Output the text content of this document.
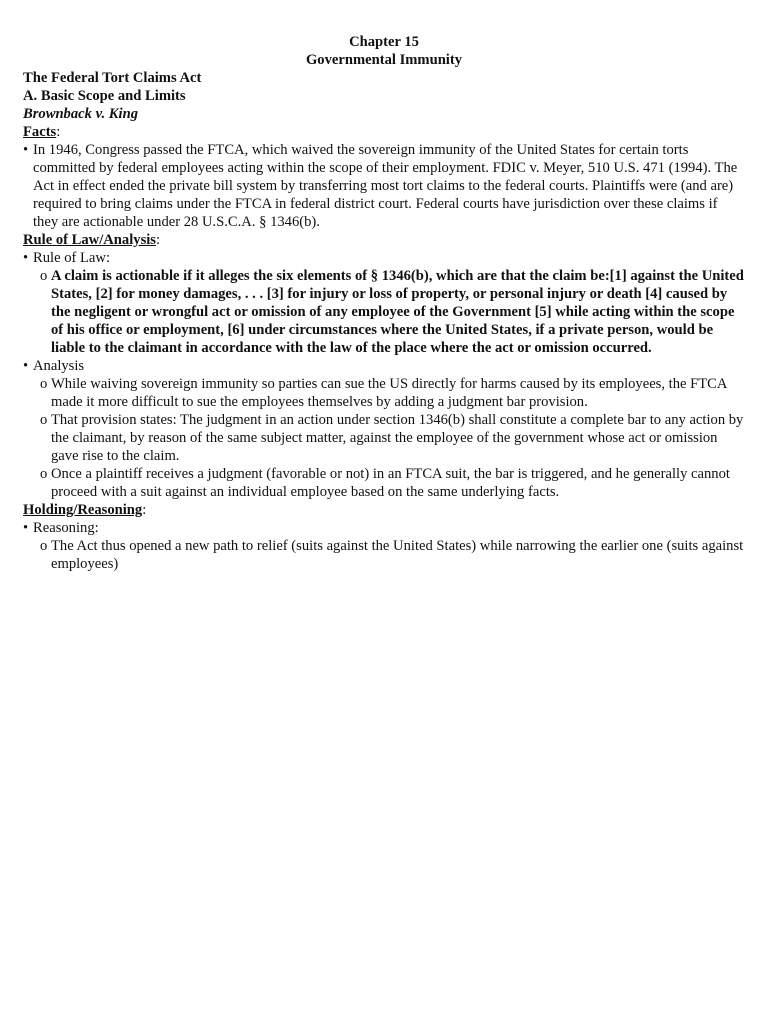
Chapter 15
Governmental Immunity
The Federal Tort Claims Act
A. Basic Scope and Limits
Brownback v. King
Facts:
• In 1946, Congress passed the FTCA, which waived the sovereign immunity of the United States for certain torts committed by federal employees acting within the scope of their employment. FDIC v. Meyer, 510 U.S. 471 (1994). The Act in effect ended the private bill system by transferring most tort claims to the federal courts. Plaintiffs were (and are) required to bring claims under the FTCA in federal district court. Federal courts have jurisdiction over these claims if they are actionable under 28 U.S.C.A. § 1346(b).
Rule of Law/Analysis:
• Rule of Law:
o A claim is actionable if it alleges the six elements of § 1346(b), which are that the claim be:[1] against the United States, [2] for money damages, . . . [3] for injury or loss of property, or personal injury or death [4] caused by the negligent or wrongful act or omission of any employee of the Government [5] while acting within the scope of his office or employment, [6] under circumstances where the United States, if a private person, would be liable to the claimant in accordance with the law of the place where the act or omission occurred.
• Analysis
o While waiving sovereign immunity so parties can sue the US directly for harms caused by its employees, the FTCA made it more difficult to sue the employees themselves by adding a judgment bar provision.
o That provision states: The judgment in an action under section 1346(b) shall constitute a complete bar to any action by the claimant, by reason of the same subject matter, against the employee of the government whose act or omission gave rise to the claim.
o Once a plaintiff receives a judgment (favorable or not) in an FTCA suit, the bar is triggered, and he generally cannot proceed with a suit against an individual employee based on the same underlying facts.
Holding/Reasoning:
• Reasoning:
o The Act thus opened a new path to relief (suits against the United States) while narrowing the earlier one (suits against employees)
